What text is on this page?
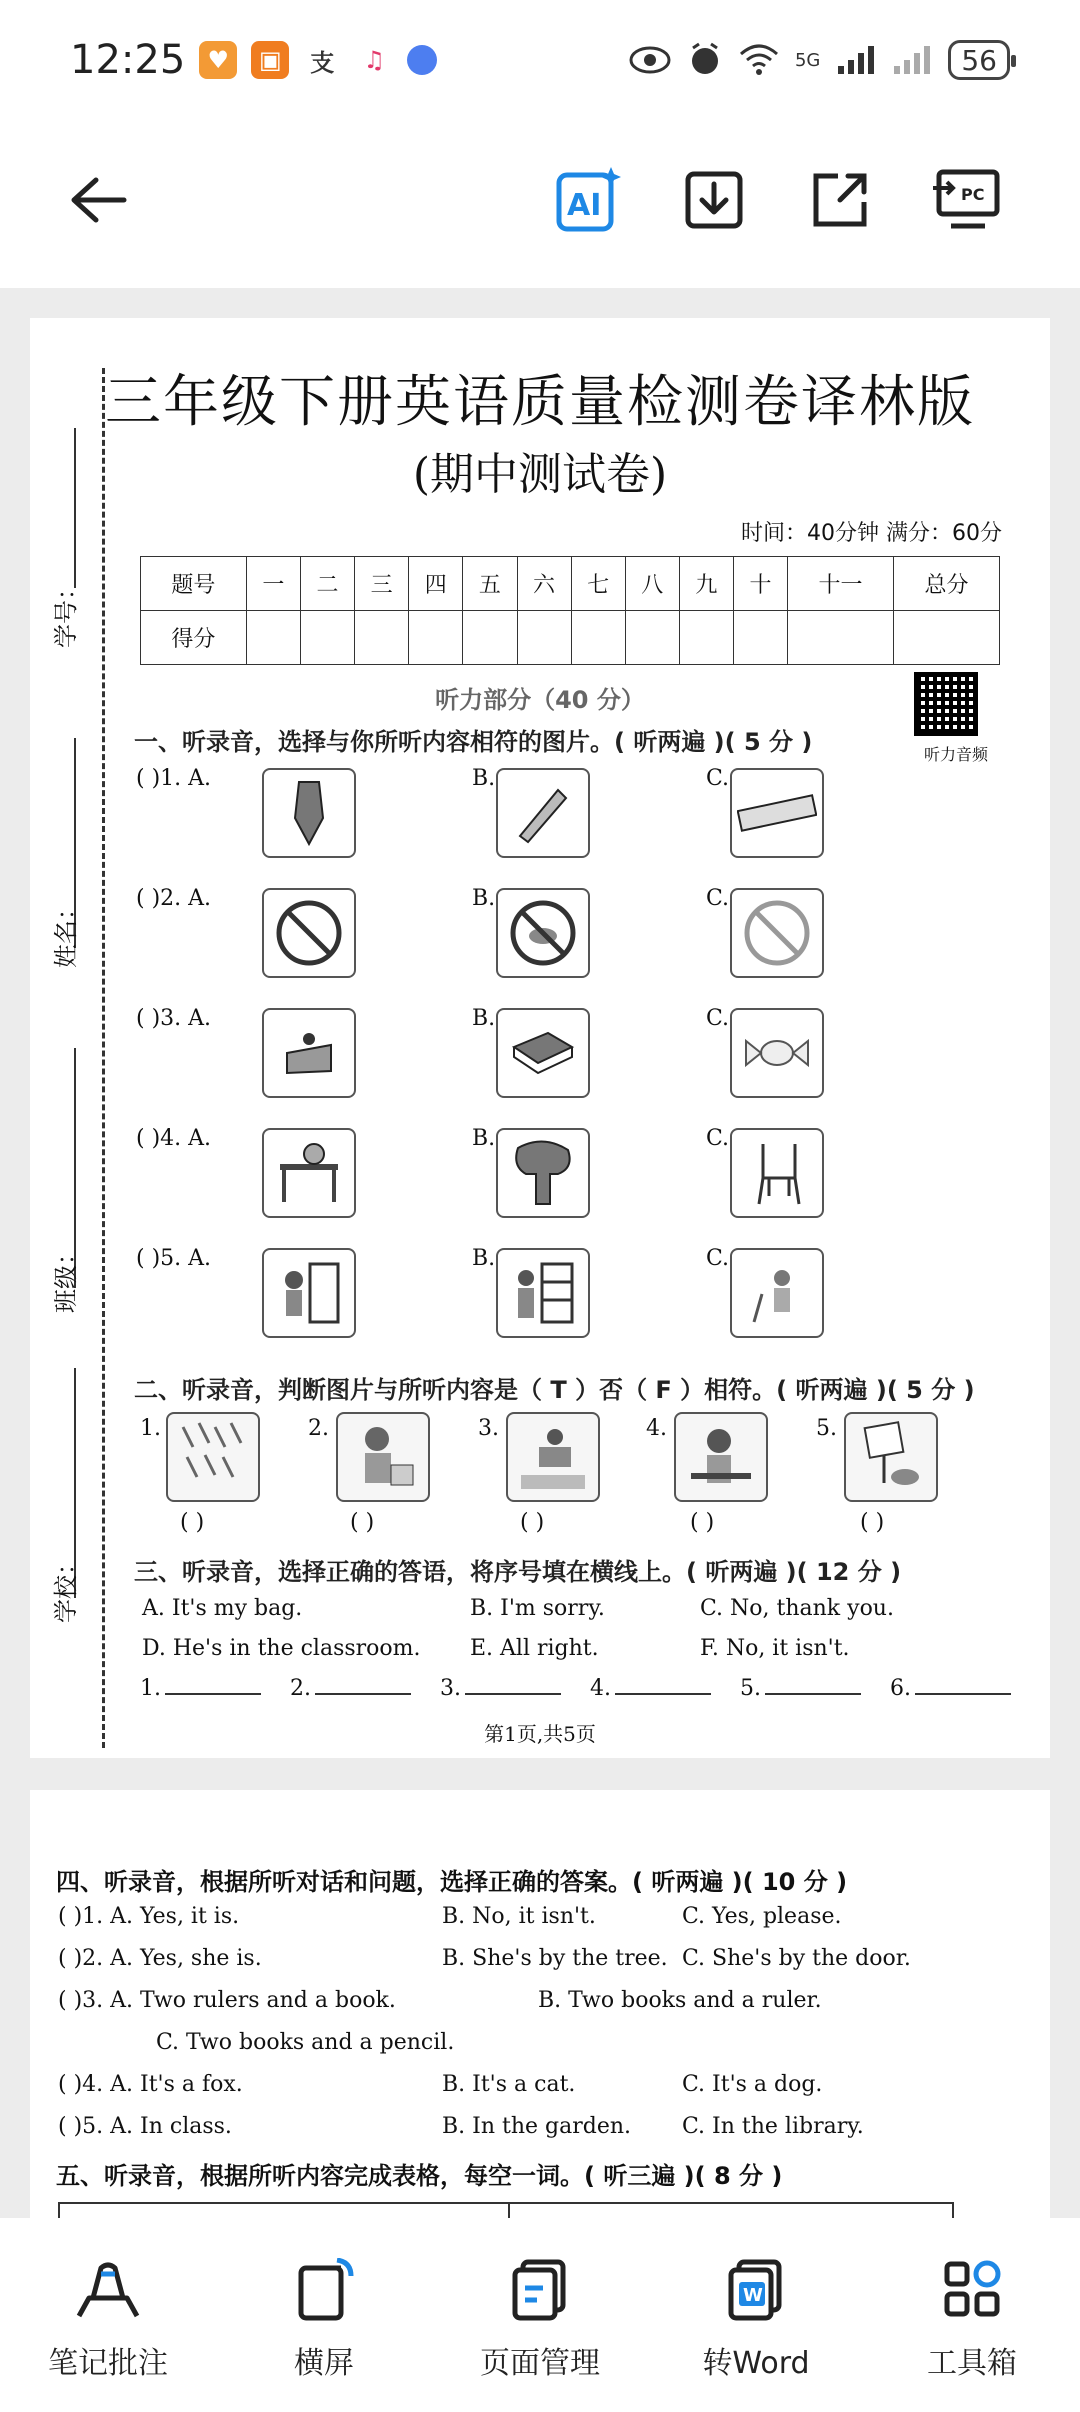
12:25 ♥	▣	支	♫	5G	56
AI	PC
学号：
姓名：
班级：
学校：
三年级下册英语质量检测卷译林版
(期中测试卷)
时间：40分钟 满分：60分
题号	一	二	三	四	五	六	七	八	九	十	十一	总分
得分												
听力部分（40 分）
听力音频
一、听录音，选择与你所听内容相符的图片。( 听两遍 )( 5 分 )
( )1. A.	B.	C.
( )2. A.	B.	C.
( )3. A.	B.	C.
( )4. A.	B.	C.
( )5. A.	B.	C.
二、听录音，判断图片与所听内容是（ T ）否（ F ）相符。( 听两遍 )( 5 分 )
1.	2.	3.	4.	5.
( )	( )	( )	( )	( )
三、听录音，选择正确的答语，将序号填在横线上。( 听两遍 )( 12 分 )
A. It's my bag.	B. I'm sorry.	C. No, thank you.
D. He's in the classroom. E. All right.	F. No, it isn't.
1.	2.	3.	4.	5.	6.
第1页,共5页
四、听录音，根据所听对话和问题，选择正确的答案。( 听两遍 )( 10 分 )
( )1. A. Yes, it is.	B. No, it isn't.	C. Yes, please.
( )2. A. Yes, she is.	B. She's by the tree. C. She's by the door.
( )3. A. Two rulers and a book.	B. Two books and a ruler.
C. Two books and a pencil.
( )4. A. It's a fox.	B. It's a cat.	C. It's a dog.
( )5. A. In class.	B. In the garden. C. In the library.
五、听录音，根据所听内容完成表格，每空一词。( 听三遍 )( 8 分 )
笔记批注	横屏	页面管理
W
转Word	工具箱
